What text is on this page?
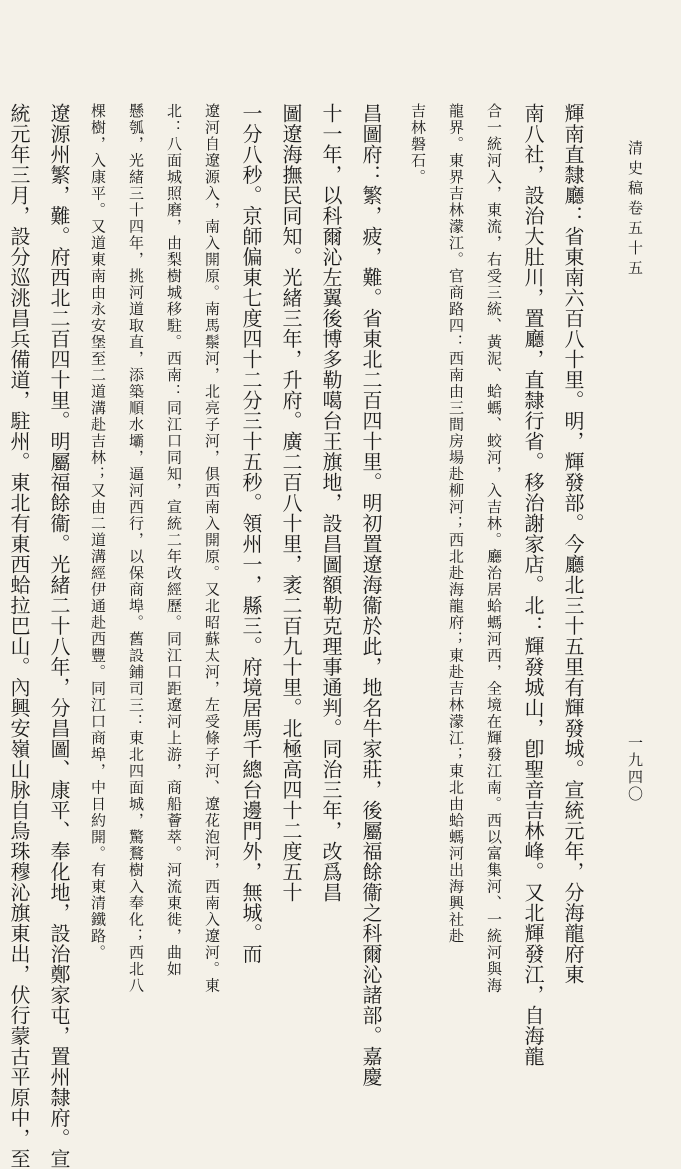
清史稿卷五十五
一九四〇
輝南直隸廳：省東南六百八十里。明，輝發部。今廳北三十五里有輝發城。宣統元年，分海龍府東
南八社，設治大肚川，置廳，直隸行省。移治謝家店。北：輝發城山，卽聖音吉林峰。又北輝發江，自海龍
合一統河入，東流，右受三統、黃泥、蛤螞、蛟河，入吉林。廳治居蛤螞河西，全境在輝發江南。西以富集河、一統河與海
龍界。東界吉林濛江。官商路四：西南由三間房場赴柳河；西北赴海龍府；東赴吉林濛江；東北由蛤螞河出海興社赴
吉林磐石。
昌圖府：繁，疲，難。省東北二百四十里。明初置遼海衞於此，地名牛家莊，後屬福餘衞之科爾沁諸部。嘉慶
十一年，以科爾沁左翼後博多勒噶台王旗地，設昌圖額勒克理事通判。同治三年，改爲昌
圖遼海撫民同知。光緒三年，升府。廣二百八十里，袤二百九十里。北極高四十二度五十
一分八秒。京師偏東七度四十二分三十五秒。領州一，縣三。府境居馬千總台邊門外，無城。而
遼河自遼源入，南入開原。南馬鬃河，北亮子河，俱西南入開原。又北昭蘇太河，左受條子河、遼花泡河，西南入遼河。東
北：八面城照磨，由梨樹城移駐。西南：同江口同知，宣統二年改經歷。同江口距遼河上游，商船薈萃。河流東徙，曲如
懸瓠，光緒三十四年，挑河道取直，添築順水壩，逼河西行，以保商埠。舊設鋪司三：東北四面城，驚鶩樹入奉化；西北八
棵樹，入康平。又道東南由永安堡至二道溝赴吉林；又由二道溝經伊通赴西豐。同江口商埠，中日約開。有東清鐵路。
遼源州繁，難。府西北二百四十里。明屬福餘衞。光緒二十八年，分昌圖、康平、奉化地，設治鄭家屯，置州隸府。宣
統元年三月，設分巡洮昌兵備道，駐州。東北有東西蛤拉巴山。內興安嶺山脉自烏珠穆沁旗東出，伏行蒙古平原中，至
